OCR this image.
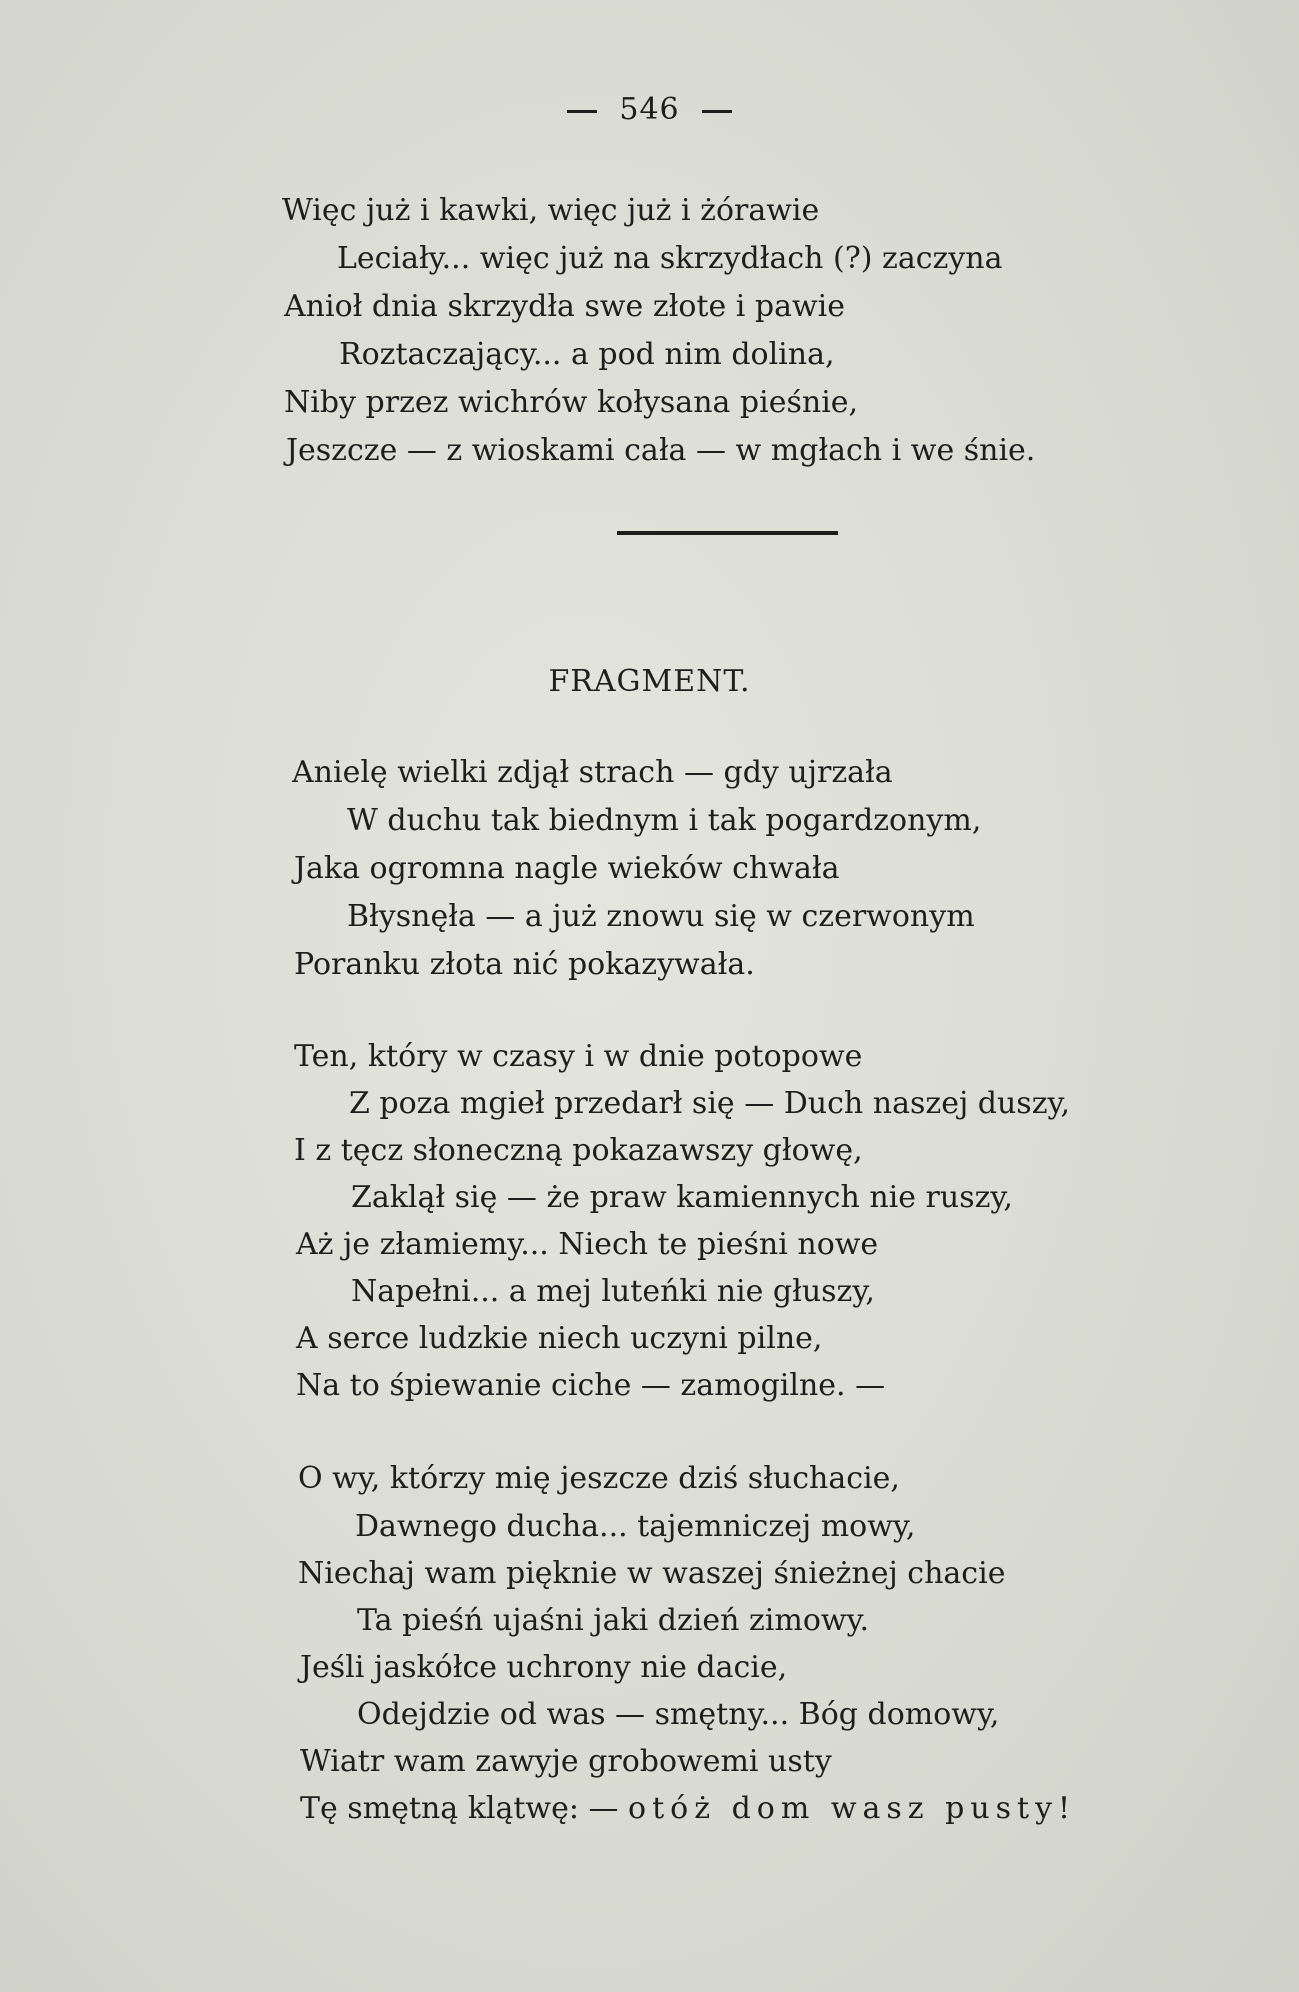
546
Więc już i kawki, więc już i żórawie
Leciały... więc już na skrzydłach (?) zaczyna
Anioł dnia skrzydła swe złote i pawie
Roztaczający... a pod nim dolina,
Niby przez wichrów kołysana pieśnie,
Jeszcze — z wioskami cała — w mgłach i we śnie.
FRAGMENT.
Anielę wielki zdjął strach — gdy ujrzała
W duchu tak biednym i tak pogardzonym,
Jaka ogromna nagle wieków chwała
Błysnęła — a już znowu się w czerwonym
Poranku złota nić pokazywała.
Ten, który w czasy i w dnie potopowe
Z poza mgieł przedarł się — Duch naszej duszy,
I z tęcz słoneczną pokazawszy głowę,
Zaklął się — że praw kamiennych nie ruszy,
Aż je złamiemy... Niech te pieśni nowe
Napełni... a mej luteńki nie głuszy,
A serce ludzkie niech uczyni pilne,
Na to śpiewanie ciche — zamogilne. —
O wy, którzy mię jeszcze dziś słuchacie,
Dawnego ducha... tajemniczej mowy,
Niechaj wam pięknie w waszej śnieżnej chacie
Ta pieśń ujaśni jaki dzień zimowy.
Jeśli jaskółce uchrony nie dacie,
Odejdzie od was — smętny... Bóg domowy,
Wiatr wam zawyje grobowemi usty
Tę smętną klątwę: — otóż dom wasz pusty!
